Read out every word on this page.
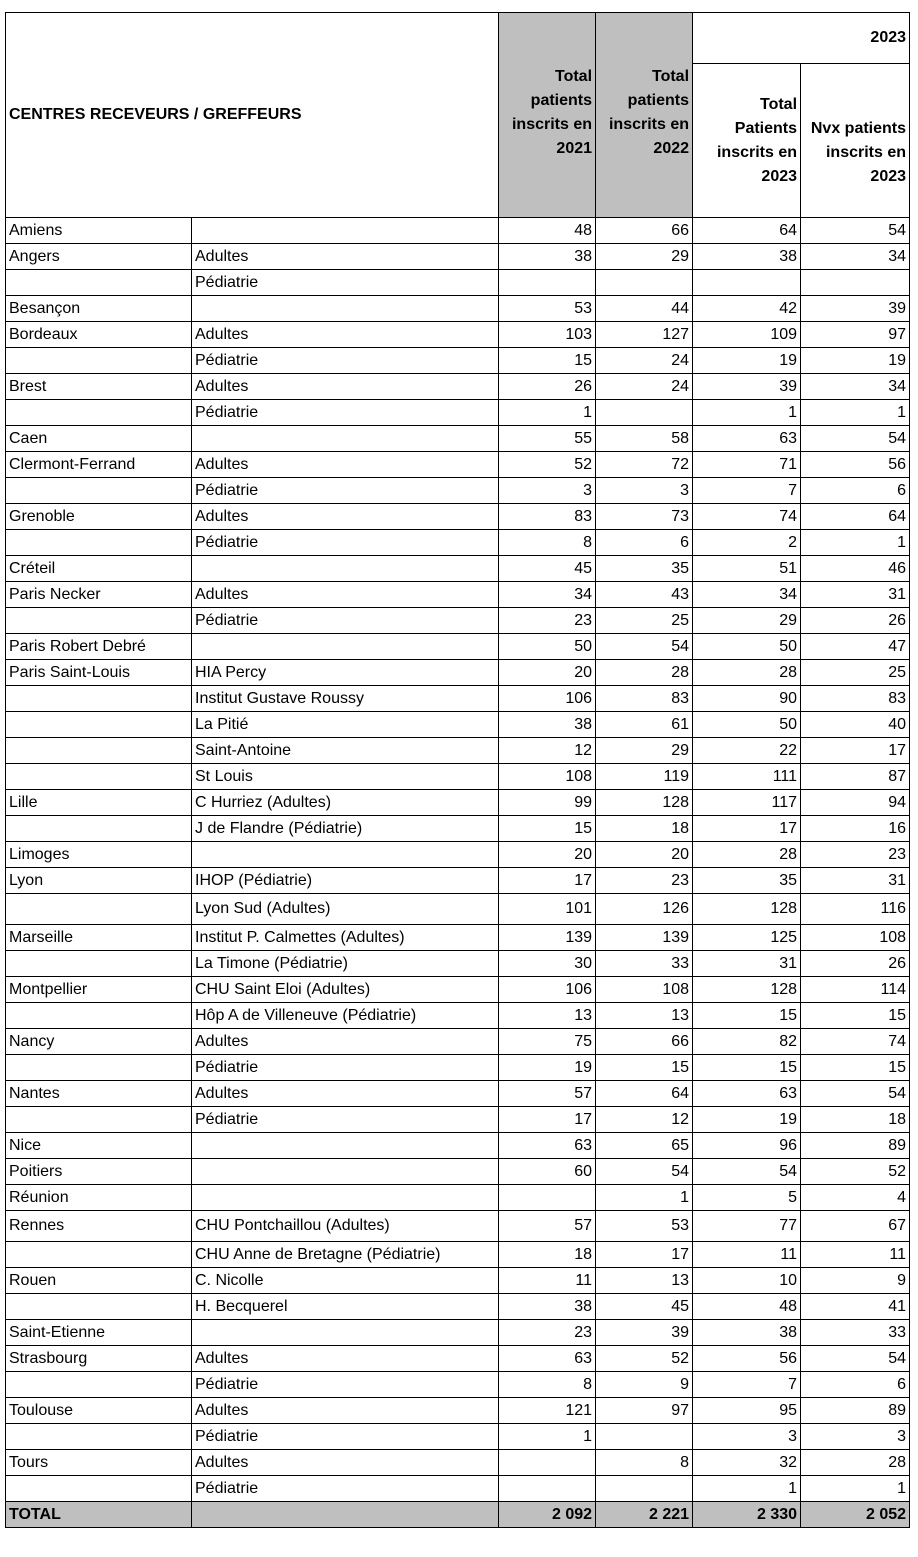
CENTRES RECEVEURS / GREFFEURS		Total patients inscrits en 2021	Total patients inscrits en 2022	2023	
				Total Patients inscrits en 2023	Nvx patients inscrits en 2023
Amiens		48	66	64	54
Angers	Adultes	38	29	38	34
	Pédiatrie				
Besançon		53	44	42	39
Bordeaux	Adultes	103	127	109	97
	Pédiatrie	15	24	19	19
Brest	Adultes	26	24	39	34
	Pédiatrie	1		1	1
Caen		55	58	63	54
Clermont-Ferrand	Adultes	52	72	71	56
	Pédiatrie	3	3	7	6
Grenoble	Adultes	83	73	74	64
	Pédiatrie	8	6	2	1
Créteil		45	35	51	46
Paris Necker	Adultes	34	43	34	31
	Pédiatrie	23	25	29	26
Paris Robert Debré		50	54	50	47
Paris Saint-Louis	HIA Percy	20	28	28	25
	Institut Gustave Roussy	106	83	90	83
	La Pitié	38	61	50	40
	Saint-Antoine	12	29	22	17
	St Louis	108	119	111	87
Lille	C Hurriez (Adultes)	99	128	117	94
	J de Flandre (Pédiatrie)	15	18	17	16
Limoges		20	20	28	23
Lyon	IHOP (Pédiatrie)	17	23	35	31
	Lyon Sud (Adultes)	101	126	128	116
Marseille	Institut P. Calmettes (Adultes)	139	139	125	108
	La Timone (Pédiatrie)	30	33	31	26
Montpellier	CHU Saint Eloi (Adultes)	106	108	128	114
	Hôp A de Villeneuve (Pédiatrie)	13	13	15	15
Nancy	Adultes	75	66	82	74
	Pédiatrie	19	15	15	15
Nantes	Adultes	57	64	63	54
	Pédiatrie	17	12	19	18
Nice		63	65	96	89
Poitiers		60	54	54	52
Réunion			1	5	4
Rennes	CHU Pontchaillou (Adultes)	57	53	77	67
	CHU Anne de Bretagne (Pédiatrie)	18	17	11	11
Rouen	C. Nicolle	11	13	10	9
	H. Becquerel	38	45	48	41
Saint-Etienne		23	39	38	33
Strasbourg	Adultes	63	52	56	54
	Pédiatrie	8	9	7	6
Toulouse	Adultes	121	97	95	89
	Pédiatrie	1		3	3
Tours	Adultes		8	32	28
	Pédiatrie			1	1
TOTAL		2 092	2 221	2 330	2 052
